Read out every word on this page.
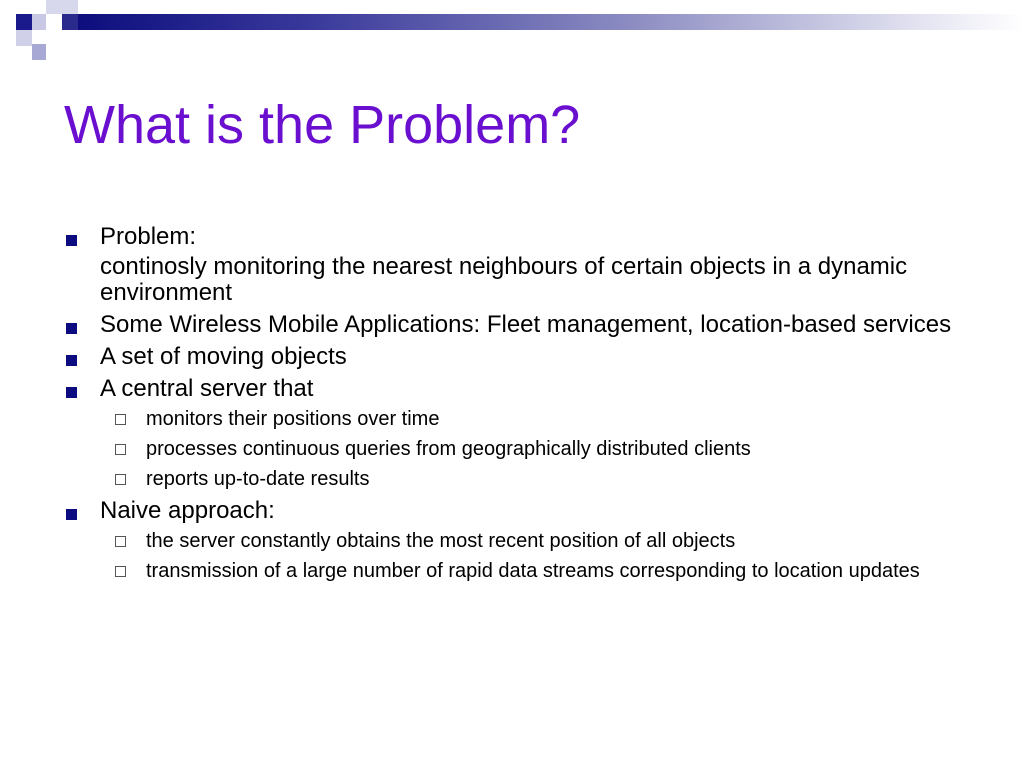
What is the Problem?
Problem:
continosly monitoring the nearest neighbours of certain objects in a dynamic environment
Some Wireless Mobile Applications: Fleet management, location-based services
A set of moving objects
A central server that
monitors their positions over time
processes continuous queries from geographically distributed clients
reports up-to-date results
Naive approach:
the server constantly obtains the most recent position of all objects
transmission of a large number of rapid data streams corresponding to location updates
